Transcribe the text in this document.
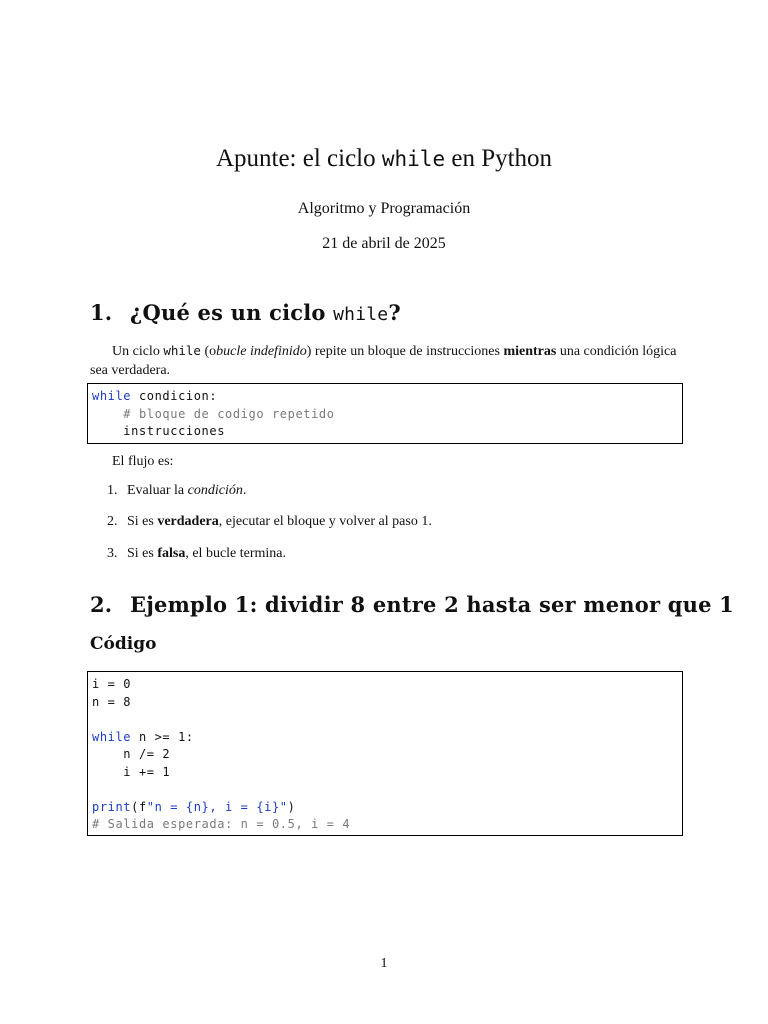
Apunte: el ciclo while en Python
Algoritmo y Programación
21 de abril de 2025
1. ¿Qué es un ciclo while?
Un ciclo while (obucle indefinido) repite un bloque de instrucciones mientras una condición lógica sea verdadera.
while condicion:
# bloque de codigo repetido
instrucciones
El flujo es:
1. Evaluar la condición.
2. Si es verdadera, ejecutar el bloque y volver al paso 1.
3. Si es falsa, el bucle termina.
2. Ejemplo 1: dividir 8 entre 2 hasta ser menor que 1
Código
i = 0
n = 8

while n >= 1:
n /= 2
i += 1

print(f"n = {n}, i = {i}")
# Salida esperada: n = 0.5, i = 4
1
